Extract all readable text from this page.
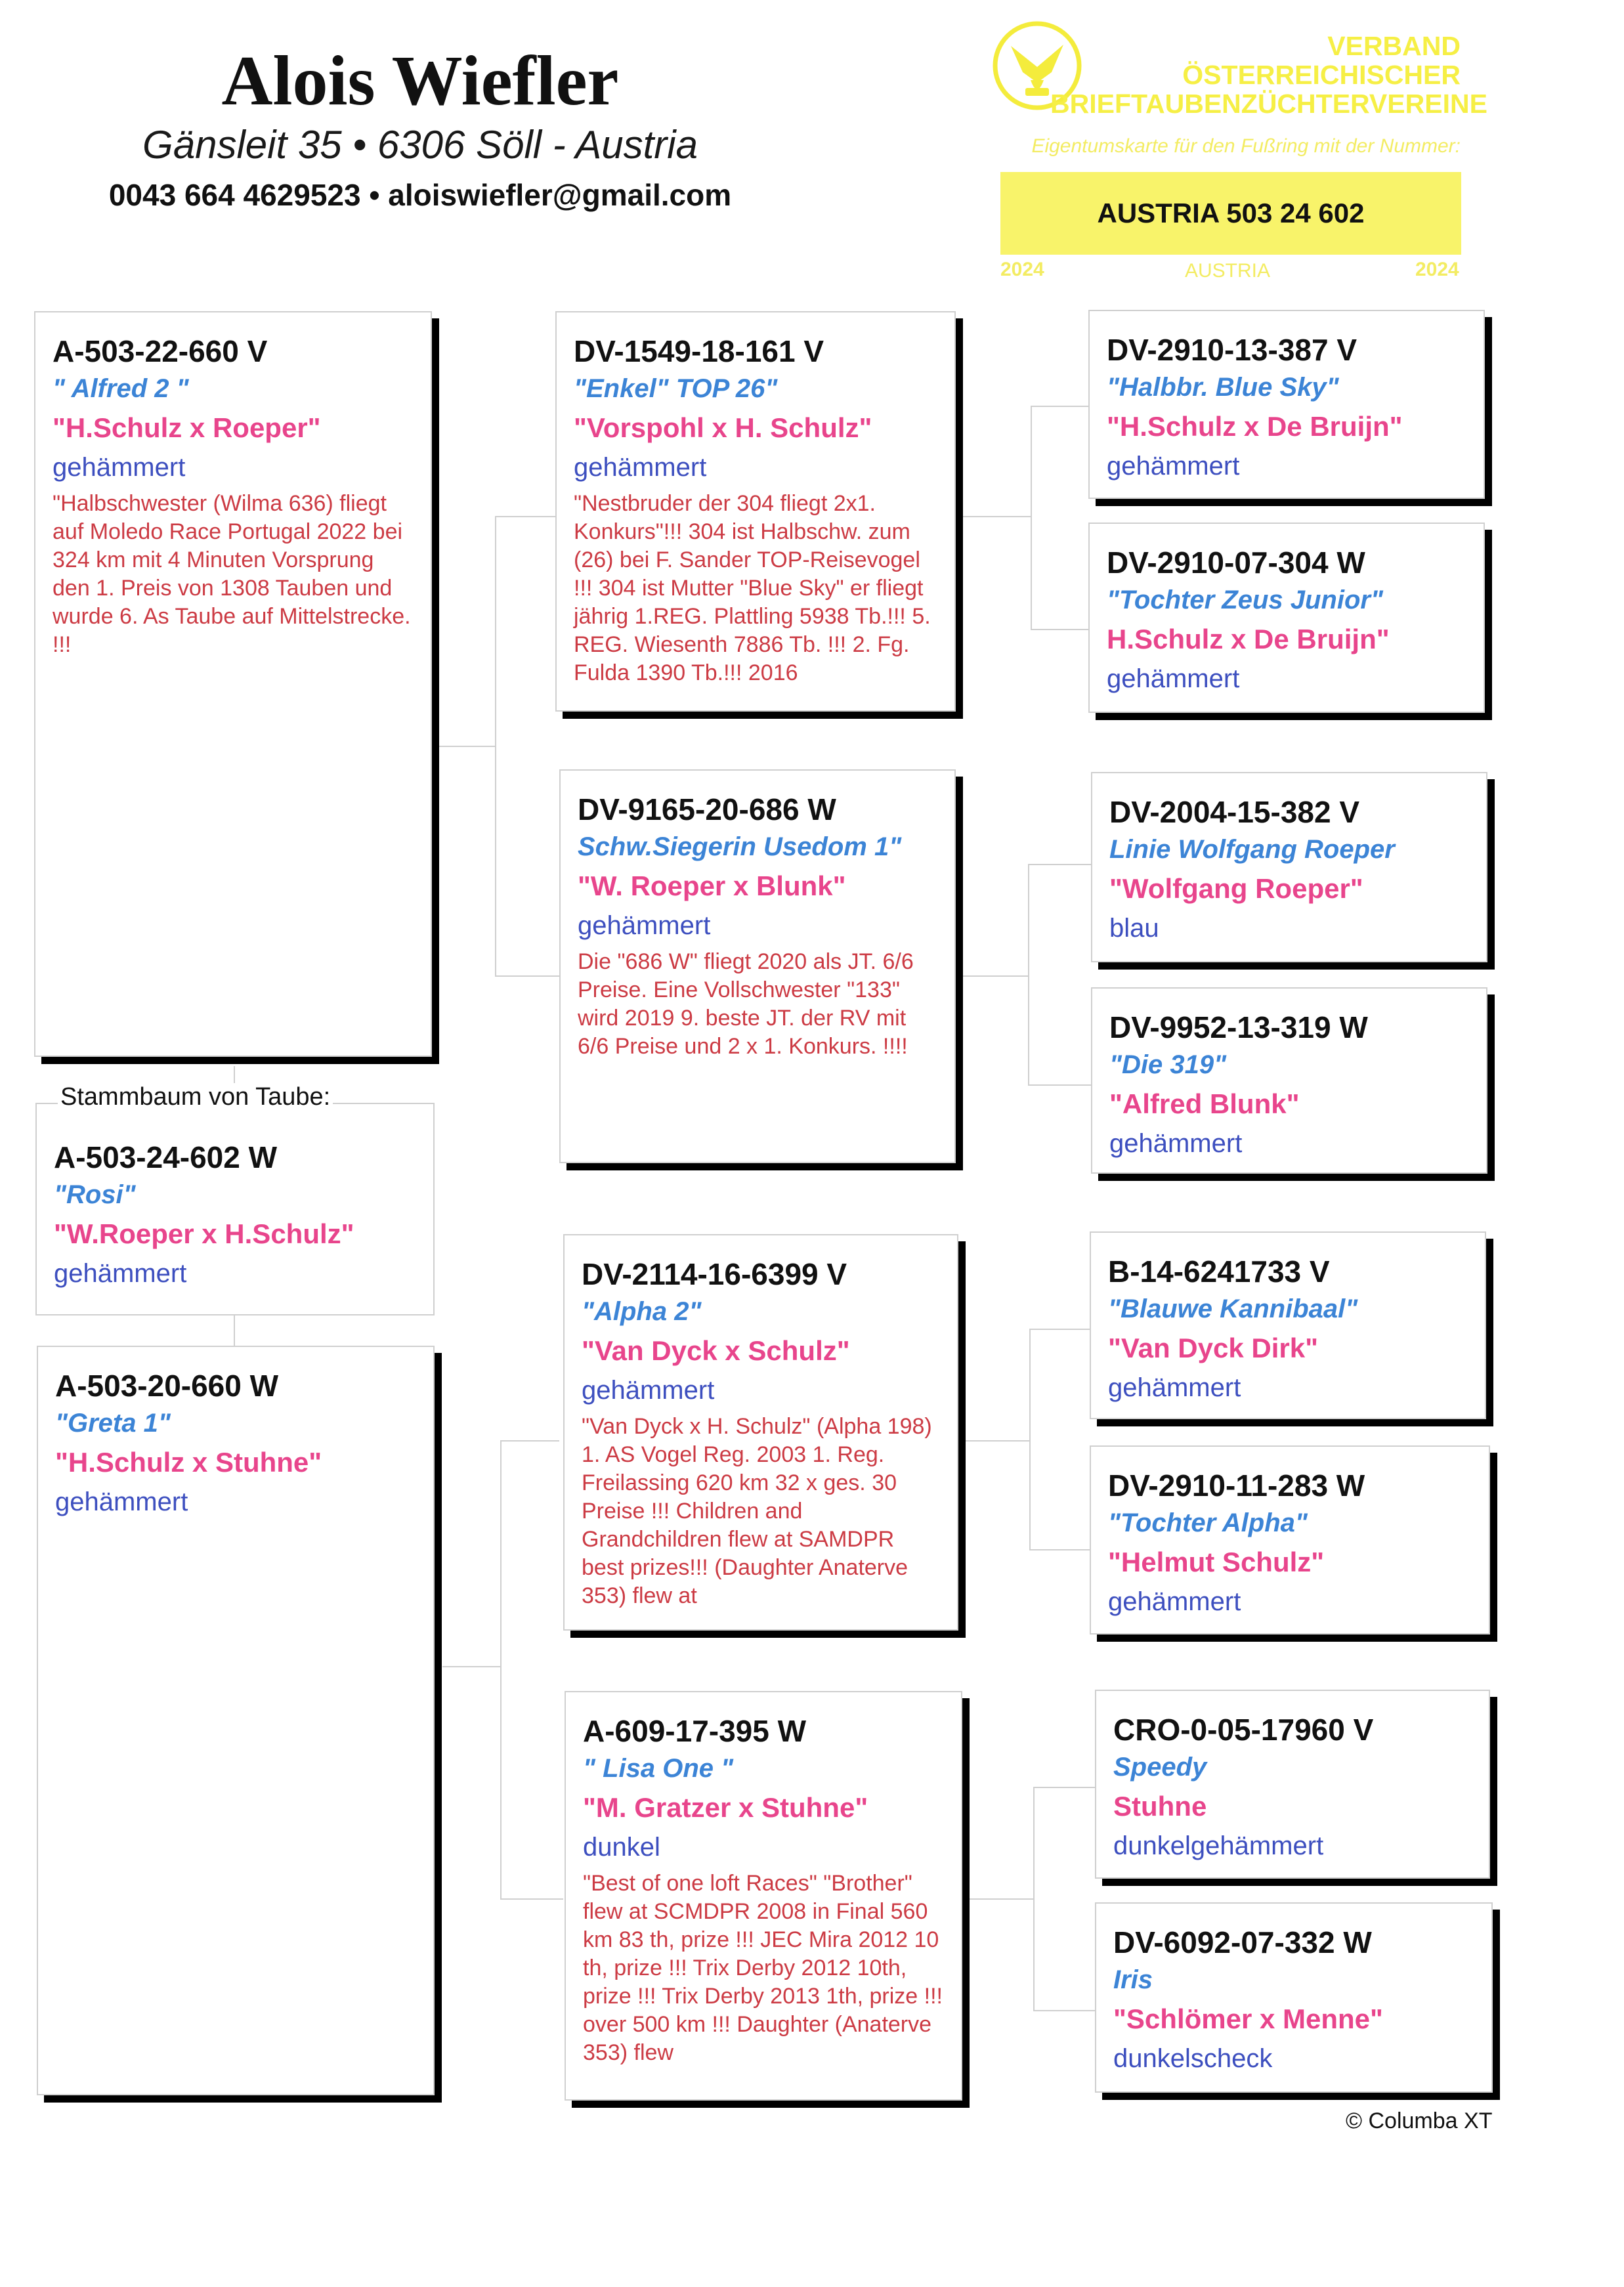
Alois Wiefler
Gänsleit 35 • 6306 Söll - Austria
0043 664 4629523 • aloiswiefler@gmail.com
VERBAND
ÖSTERREICHISCHER
BRIEFTAUBENZÜCHTERVEREINE
Eigentumskarte für den Fußring mit der Nummer:
AUSTRIA 503 24 602
2024	AUSTRIA	2024
A-503-22-660 V
" Alfred 2 "
"H.Schulz x Roeper"
gehämmert
"Halbschwester (Wilma 636) fliegt auf Moledo Race Portugal 2022 bei 324 km mit 4 Minuten Vorsprung den 1. Preis von 1308 Tauben und wurde 6. As Taube auf Mittelstrecke. !!!
A-503-24-602 W
"Rosi"
"W.Roeper x H.Schulz"
gehämmert
Stammbaum von Taube:
A-503-20-660 W
"Greta 1"
"H.Schulz x Stuhne"
gehämmert
DV-1549-18-161 V
"Enkel" TOP 26"
"Vorspohl x H. Schulz"
gehämmert
"Nestbruder der 304 fliegt 2x1. Konkurs"!!! 304 ist Halbschw. zum (26) bei F. Sander TOP-Reisevogel !!! 304 ist Mutter "Blue Sky" er fliegt jährig 1.REG. Plattling 5938 Tb.!!! 5. REG. Wiesenth 7886 Tb. !!! 2. Fg. Fulda 1390 Tb.!!! 2016
DV-9165-20-686 W
Schw.Siegerin Usedom 1"
"W. Roeper x Blunk"
gehämmert
Die "686 W" fliegt 2020 als JT. 6/6 Preise. Eine Vollschwester "133" wird 2019 9. beste JT. der RV mit 6/6 Preise und 2 x 1. Konkurs. !!!!
DV-2114-16-6399 V
"Alpha 2"
"Van Dyck x Schulz"
gehämmert
"Van Dyck x H. Schulz" (Alpha 198) 1. AS Vogel Reg. 2003 1. Reg. Freilassing 620 km 32 x ges. 30 Preise !!! Children and Grandchildren flew at SAMDPR best prizes!!! (Daughter Anaterve 353) flew at
A-609-17-395 W
" Lisa One "
"M. Gratzer x Stuhne"
dunkel
"Best of one loft Races" "Brother" flew at SCMDPR 2008 in Final 560 km 83 th, prize !!! JEC Mira 2012 10 th, prize !!! Trix Derby 2012 10th, prize !!! Trix Derby 2013 1th, prize !!! over 500 km !!! Daughter (Anaterve 353) flew
DV-2910-13-387 V
"Halbbr. Blue Sky"
"H.Schulz x De Bruijn"
gehämmert
DV-2910-07-304 W
"Tochter Zeus Junior"
H.Schulz x De Bruijn"
gehämmert
DV-2004-15-382 V
Linie Wolfgang Roeper
"Wolfgang Roeper"
blau
DV-9952-13-319 W
"Die 319"
"Alfred Blunk"
gehämmert
B-14-6241733 V
"Blauwe Kannibaal"
"Van Dyck Dirk"
gehämmert
DV-2910-11-283 W
"Tochter Alpha"
"Helmut Schulz"
gehämmert
CRO-0-05-17960 V
Speedy
Stuhne
dunkelgehämmert
DV-6092-07-332 W
Iris
"Schlömer x Menne"
dunkelscheck
© Columba XT
